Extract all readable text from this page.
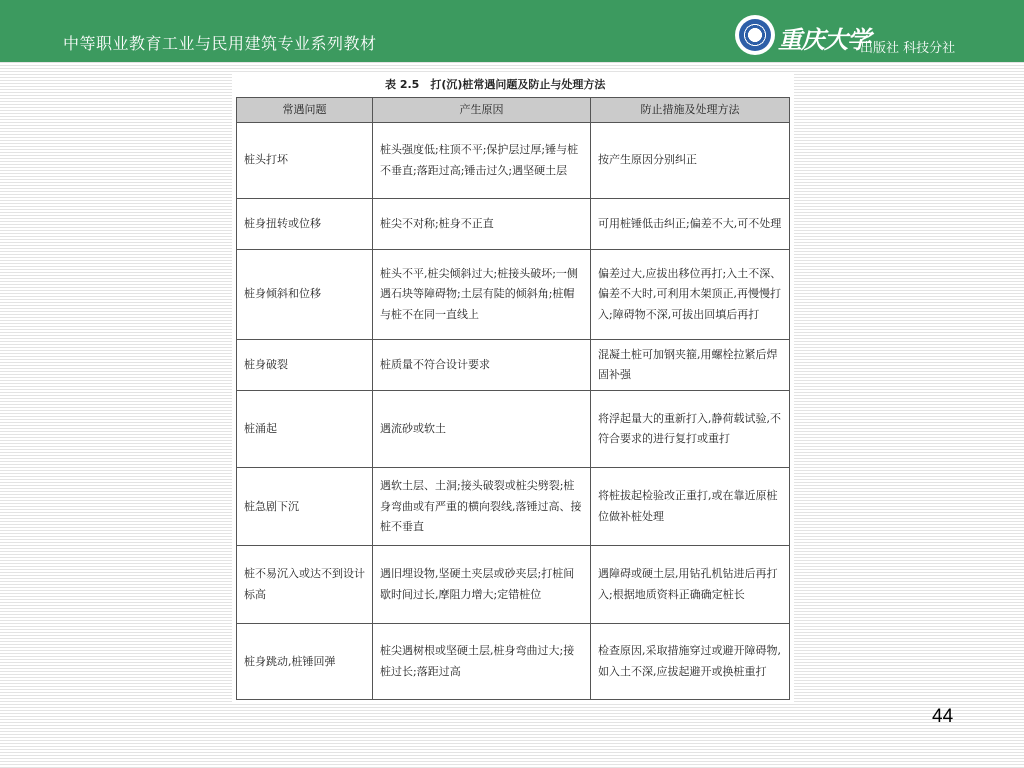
中等职业教育工业与民用建筑专业系列教材	重庆大学
出版社 科技分社
表 2.5　打(沉)桩常遇问题及防止与处理方法
常遇问题	产生原因	防止措施及处理方法
桩头打坏	桩头强度低;柱顶不平;保护层过厚;锤与桩不垂直;落距过高;锤击过久;遇坚硬土层	按产生原因分别纠正
桩身扭转或位移	桩尖不对称;桩身不正直	可用桩锤低击纠正;偏差不大,可不处理
桩身倾斜和位移	桩头不平,桩尖倾斜过大;桩接头破坏;一侧遇石块等障碍物;土层有陡的倾斜角;桩帽与桩不在同一直线上	偏差过大,应拔出移位再打;入土不深、偏差不大时,可利用木架顶正,再慢慢打入;障碍物不深,可拔出回填后再打
桩身破裂	桩质量不符合设计要求	混凝土桩可加钢夹箍,用螺栓拉紧后焊固补强
桩涌起	遇流砂或软土	将浮起量大的重新打入,静荷载试验,不符合要求的进行复打或重打
桩急剧下沉	遇软土层、土洞;接头破裂或桩尖劈裂;桩身弯曲或有严重的横向裂线,落锤过高、接桩不垂直	将桩拔起检验改正重打,或在靠近原桩位做补桩处理
桩不易沉入或达不到设计标高	遇旧埋设物,坚硬土夹层或砂夹层;打桩间歇时间过长,摩阻力增大;定错桩位	遇障碍或硬土层,用钻孔机钻进后再打入;根据地质资料正确确定桩长
桩身跳动,桩锤回弹	桩尖遇树根或坚硬土层,桩身弯曲过大;接桩过长;落距过高	检查原因,采取措施穿过或避开障碍物,如入土不深,应拔起避开或换桩重打
44
